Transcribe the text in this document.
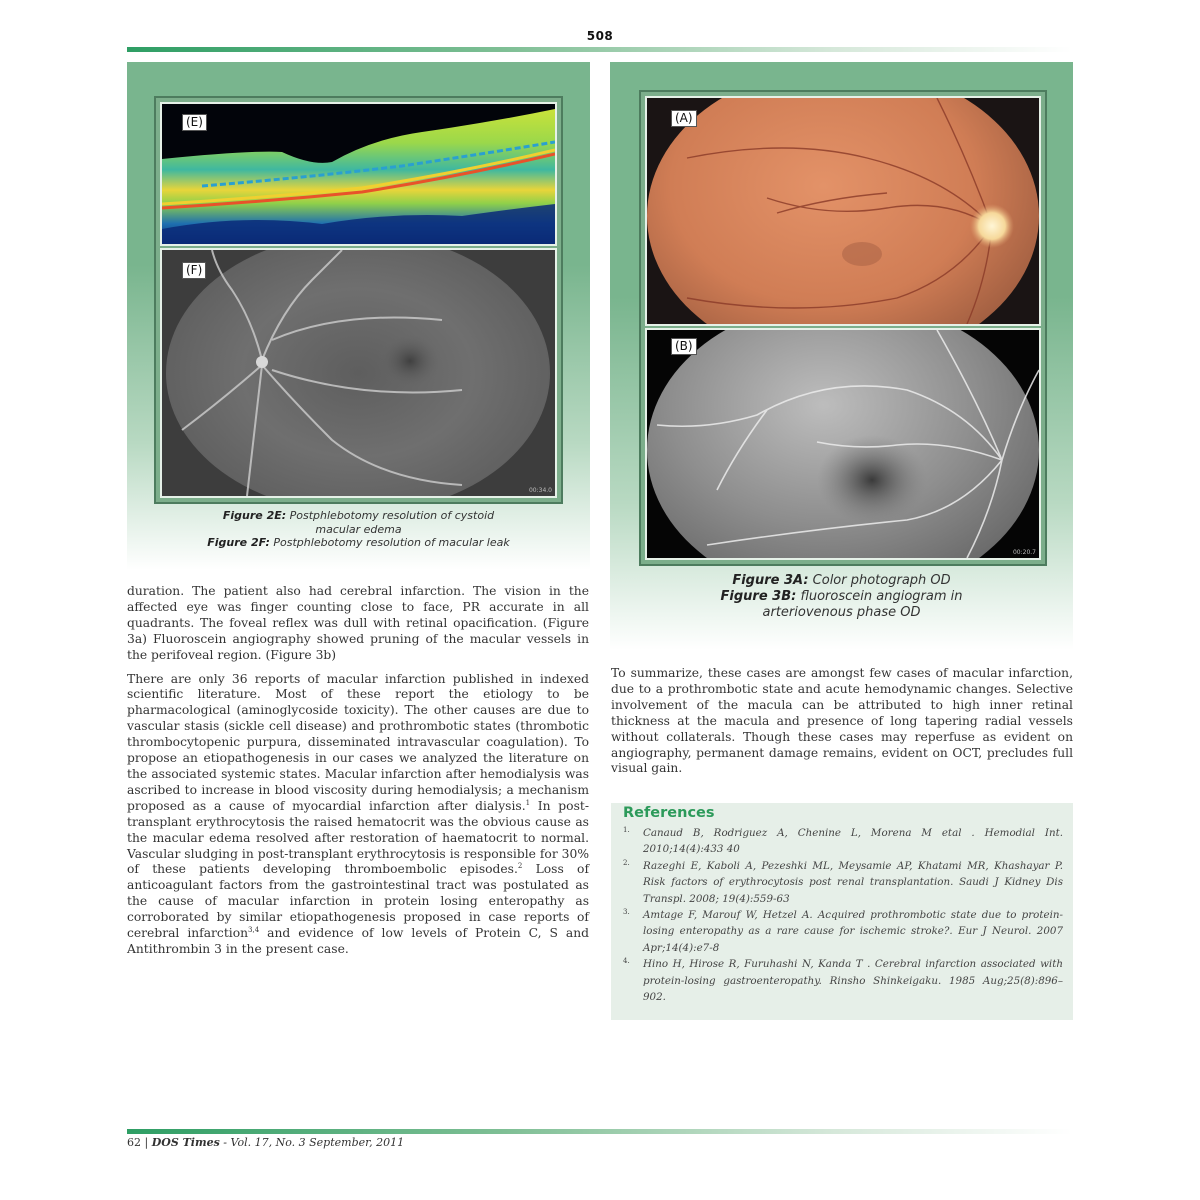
508
(E)
(F)
00:34.0
Figure 2E: Postphlebotomy resolution of cystoid
macular edema
Figure 2F: Postphlebotomy resolution of macular leak
(A)
(B)
00:20.7
Figure 3A: Color photograph OD
Figure 3B: fluoroscein angiogram in
arteriovenous phase OD

duration. The patient also had cerebral infarction. The vision in the affected eye was finger counting close to face, PR accurate in all quadrants. The foveal reflex was dull with retinal opacification. (Figure 3a) Fluoroscein angiography showed pruning of the macular vessels in the perifoveal region. (Figure 3b)

There are only 36 reports of macular infarction published in indexed scientific literature. Most of these report the etiology to be pharmacological (aminoglycoside toxicity). The other causes are due to vascular stasis (sickle cell disease) and prothrombotic states (thrombotic thrombocytopenic purpura, disseminated intravascular coagulation). To propose an etiopathogenesis in our cases we analyzed the literature on the associated systemic states. Macular infarction after hemodialysis was ascribed to increase in blood viscosity during hemodialysis; a mechanism proposed as a cause of myocardial infarction after dialysis.$^1$ In post-transplant erythrocytosis the raised hematocrit was the obvious cause as the macular edema resolved after restoration of haematocrit to normal. Vascular sludging in post-transplant erythrocytosis is responsible for 30% of these patients developing thromboembolic episodes.$^2$ Loss of anticoagulant factors from the gastrointestinal tract was postulated as the cause of macular infarction in protein losing enteropathy as corroborated by similar etiopathogenesis proposed in case reports of cerebral infarction$^{3,4}$ and evidence of low levels of Protein C, S and Antithrombin 3 in the present case.

To summarize, these cases are amongst few cases of macular infarction, due to a prothrombotic state and acute hemodynamic changes. Selective involvement of the macula can be attributed to high inner retinal thickness at the macula and presence of long tapering radial vessels without collaterals. Though these cases may reperfuse as evident on angiography, permanent damage remains, evident on OCT, precludes full visual gain.

References
1. Canaud B, Rodriguez A, Chenine L, Morena M etal . Hemodial Int. 2010;14(4):433 40
2. Razeghi E, Kaboli A, Pezeshki ML, Meysamie AP, Khatami MR, Khashayar P. Risk factors of erythrocytosis post renal transplantation. Saudi J Kidney Dis Transpl. 2008; 19(4):559-63
3. Amtage F, Marouf W, Hetzel A. Acquired prothrombotic state due to protein-losing enteropathy as a rare cause for ischemic stroke?. Eur J Neurol. 2007 Apr;14(4):e7-8
4. Hino H, Hirose R, Furuhashi N, Kanda T . Cerebral infarction associated with protein-losing gastroenteropathy. Rinsho Shinkeigaku. 1985 Aug;25(8):896–902.
62 | DOS Times - Vol. 17, No. 3 September, 2011
